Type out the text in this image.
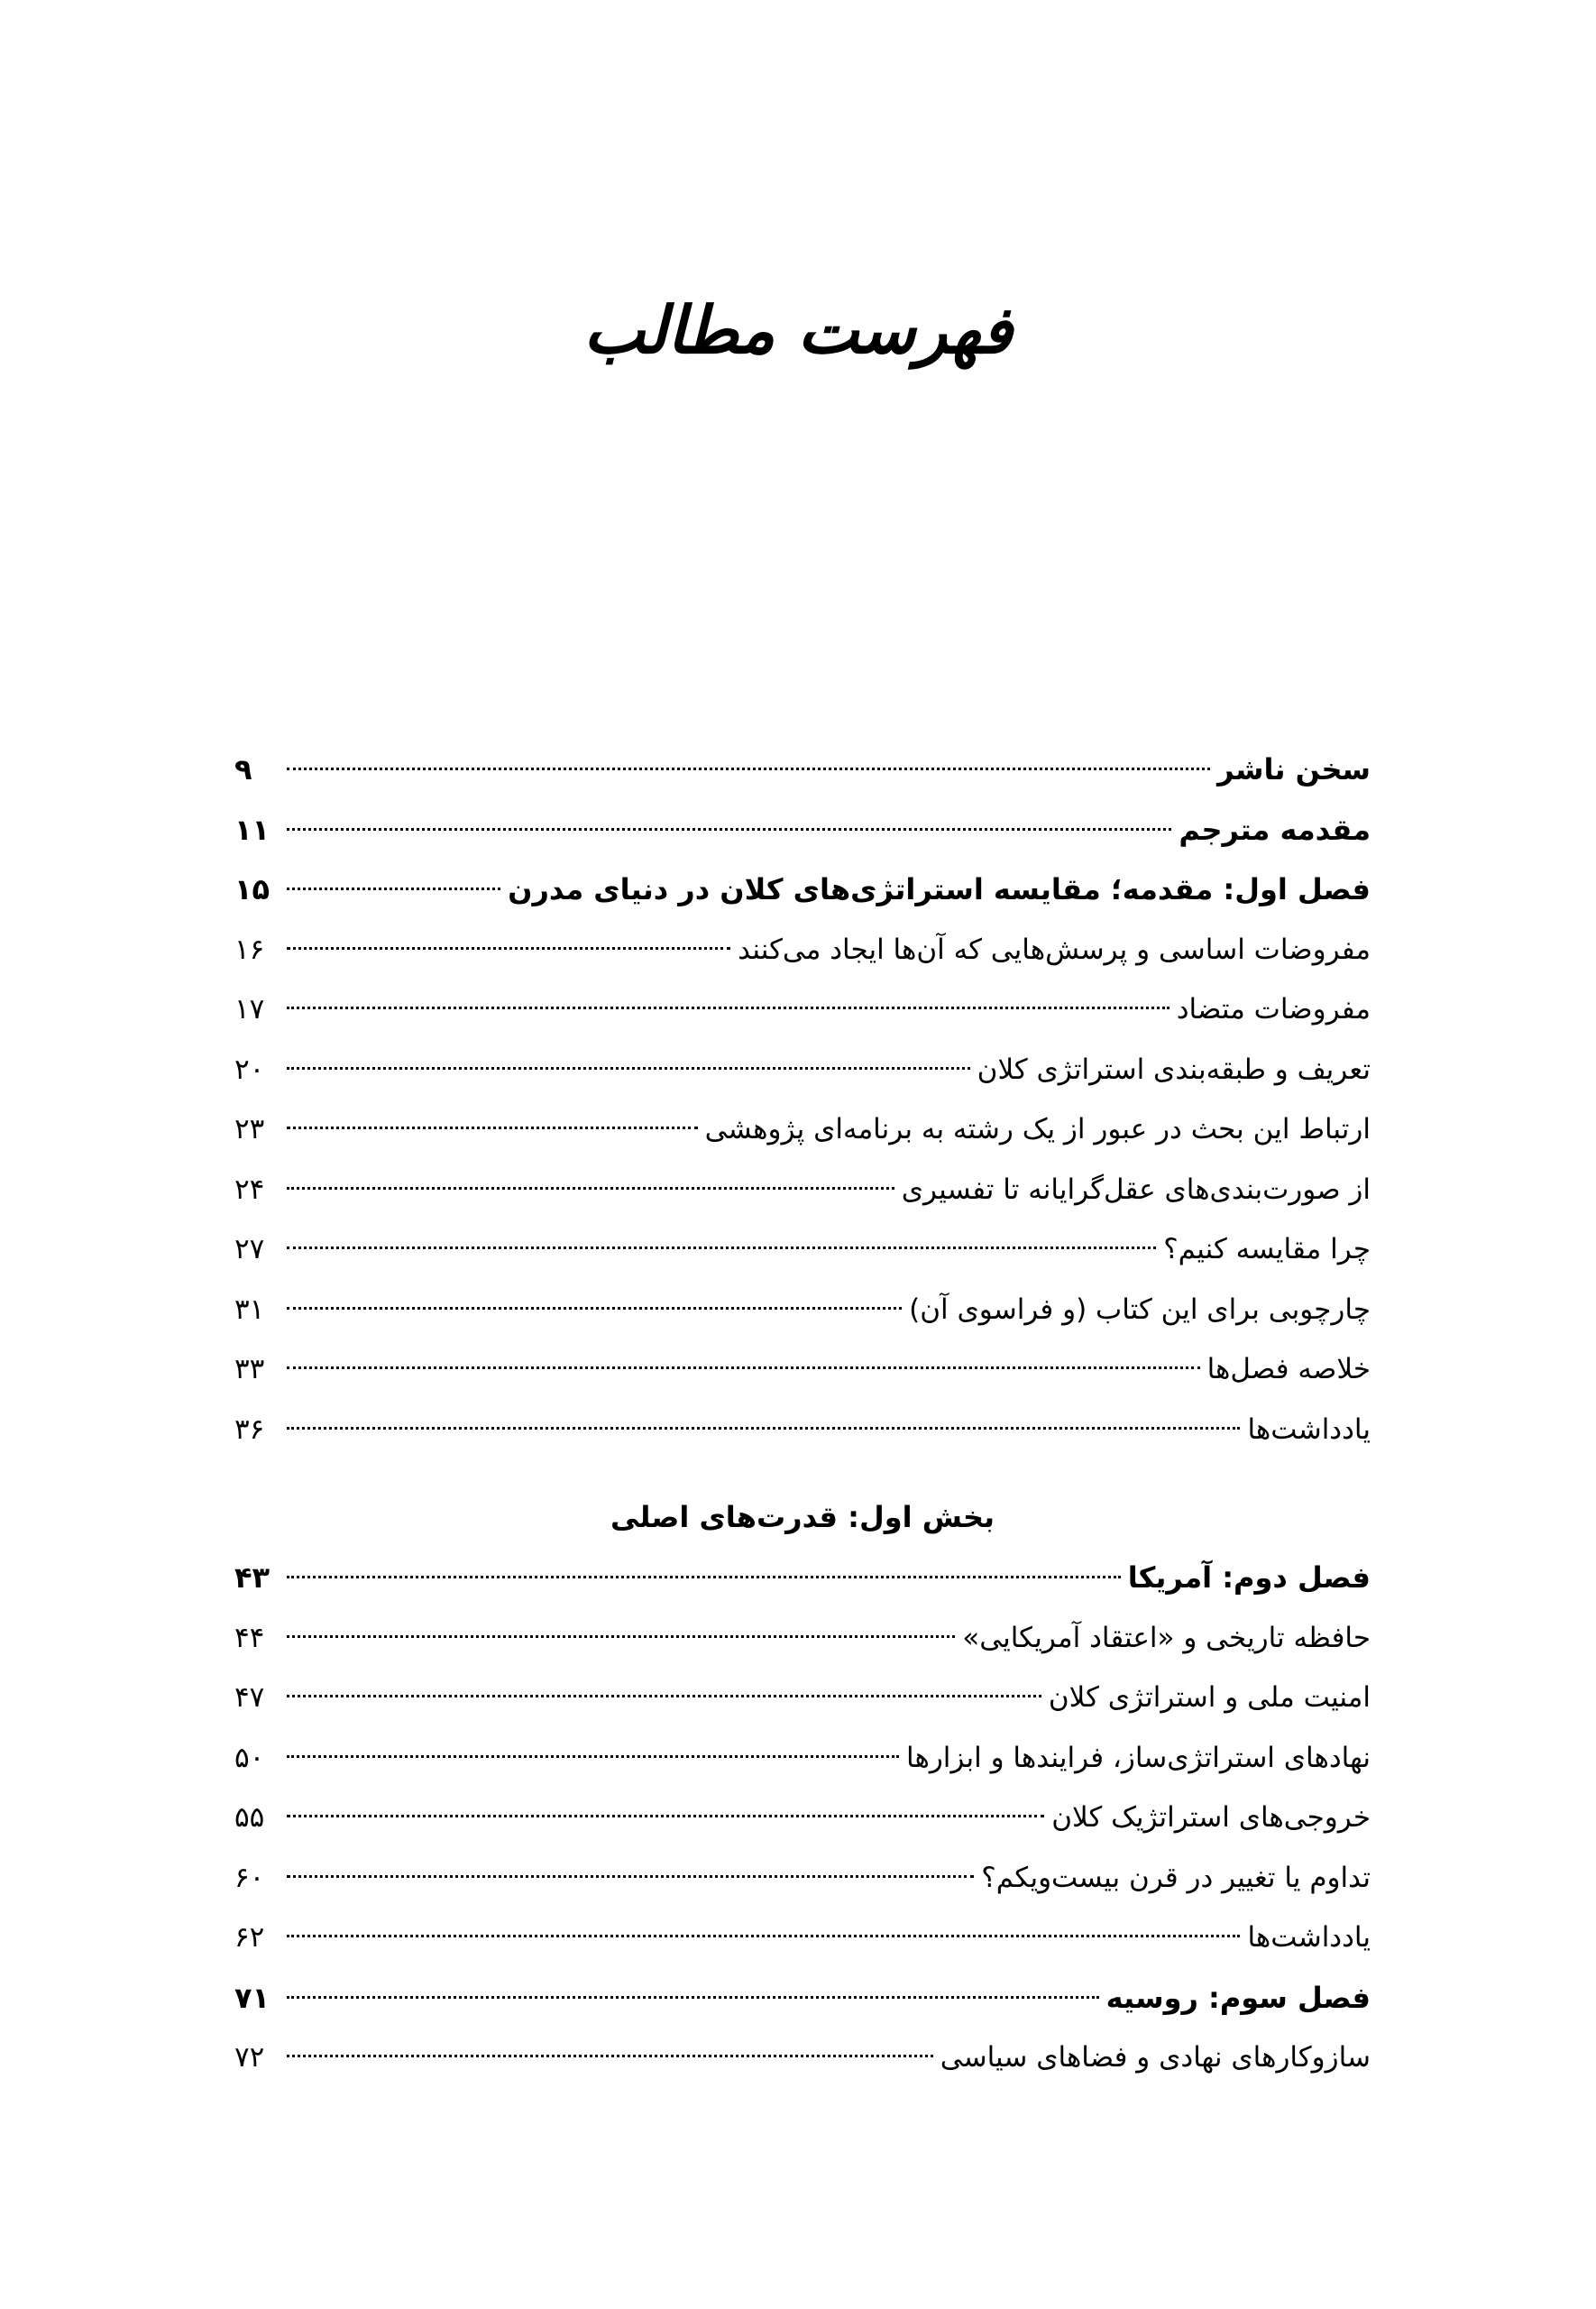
فهرست مطالب
سخن ناشر
۹
مقدمه مترجم
۱۱
فصل اول: مقدمه؛ مقایسه استراتژی‌های کلان در دنیای مدرن
۱۵
مفروضات اساسی و پرسش‌هایی که آن‌ها ایجاد می‌کنند
۱۶
مفروضات متضاد
۱۷
تعریف و طبقه‌بندی استراتژی کلان
۲۰
ارتباط این بحث در عبور از یک رشته به برنامه‌ای پژوهشی
۲۳
از صورت‌بندی‌های عقل‌گرایانه تا تفسیری
۲۴
چرا مقایسه کنیم؟
۲۷
چارچوبی برای این کتاب (و فراسوی آن)
۳۱
خلاصه فصل‌ها
۳۳
یادداشت‌ها
۳۶
بخش اول: قدرت‌های اصلی
فصل دوم: آمریکا
۴۳
حافظه تاریخی و «اعتقاد آمریکایی»
۴۴
امنیت ملی و استراتژی کلان
۴۷
نهادهای استراتژی‌ساز، فرایندها و ابزارها
۵۰
خروجی‌های استراتژیک کلان
۵۵
تداوم یا تغییر در قرن بیست‌ویکم؟
۶۰
یادداشت‌ها
۶۲
فصل سوم: روسیه
۷۱
سازوکارهای نهادی و فضاهای سیاسی
۷۲
